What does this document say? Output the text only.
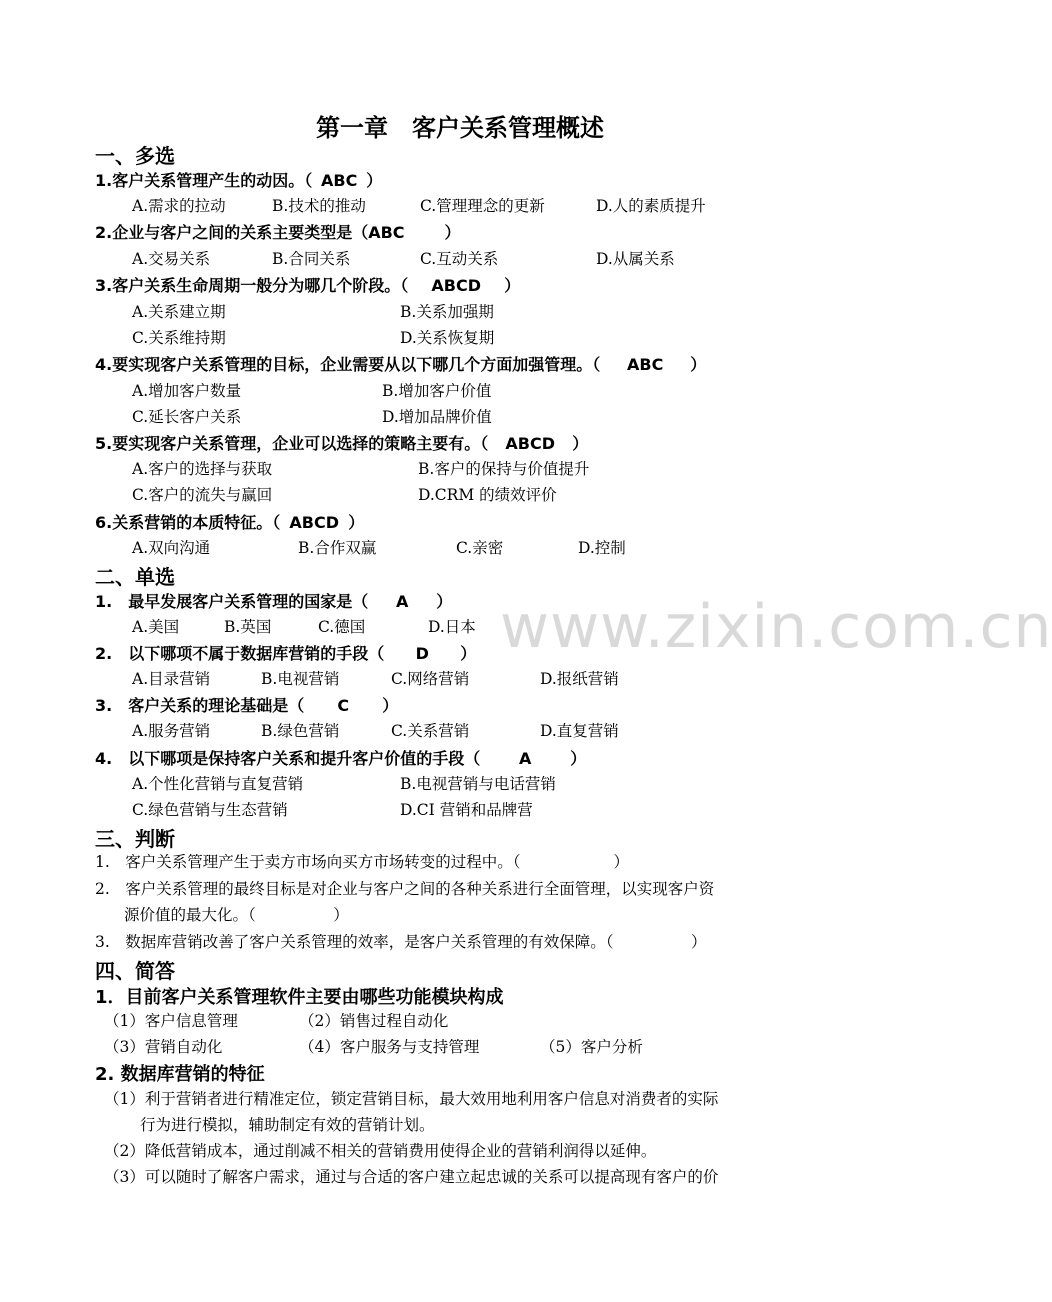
www.zixin.com.cn
第一章　客户关系管理概述
一、多选
1.客户关系管理产生的动因。（ ABC ）
A.需求的拉动	B.技术的推动	C.管理理念的更新	D.人的素质提升
2.企业与客户之间的关系主要类型是（ABC	）
A.交易关系	B.合同关系	C.互动关系	D.从属关系
3.客户关系生命周期一般分为哪几个阶段。（ ABCD ）
A.关系建立期	B.关系加强期
C.关系维持期	D.关系恢复期
4.要实现客户关系管理的目标，企业需要从以下哪几个方面加强管理。（ ABC ）
A.增加客户数量	B.增加客户价值
C.延长客户关系	D.增加品牌价值
5.要实现客户关系管理，企业可以选择的策略主要有。（ ABCD ）
A.客户的选择与获取	B.客户的保持与价值提升
C.客户的流失与赢回	D.CRM 的绩效评价
6.关系营销的本质特征。（ ABCD ）
A.双向沟通	B.合作双赢	C.亲密	D.控制
二、单选
1.　最早发展客户关系管理的国家是（ A ）
A.美国	B.英国	C.德国	D.日本
2.　以下哪项不属于数据库营销的手段（ D ）
A.目录营销	B.电视营销	C.网络营销	D.报纸营销
3.　客户关系的理论基础是（ C ）
A.服务营销	B.绿色营销	C.关系营销	D.直复营销
4.　以下哪项是保持客户关系和提升客户价值的手段（ A ）
A.个性化营销与直复营销	B.电视营销与电话营销
C.绿色营销与生态营销	D.CI 营销和品牌营
三、判断
1.　客户关系管理产生于卖方市场向买方市场转变的过程中。（　　　　　　）
2.　客户关系管理的最终目标是对企业与客户之间的各种关系进行全面管理，以实现客户资
源价值的最大化。（　　　　　）
3.　数据库营销改善了客户关系管理的效率，是客户关系管理的有效保障。（　　　　　）
四、简答
1．目前客户关系管理软件主要由哪些功能模块构成
（1）客户信息管理	（2）销售过程自动化
（3）营销自动化	（4）客户服务与支持管理	（5）客户分析
2. 数据库营销的特征
（1）利于营销者进行精准定位，锁定营销目标，最大效用地利用客户信息对消费者的实际
行为进行模拟，辅助制定有效的营销计划。
（2）降低营销成本，通过削减不相关的营销费用使得企业的营销利润得以延伸。
（3）可以随时了解客户需求，通过与合适的客户建立起忠诚的关系可以提高现有客户的价
